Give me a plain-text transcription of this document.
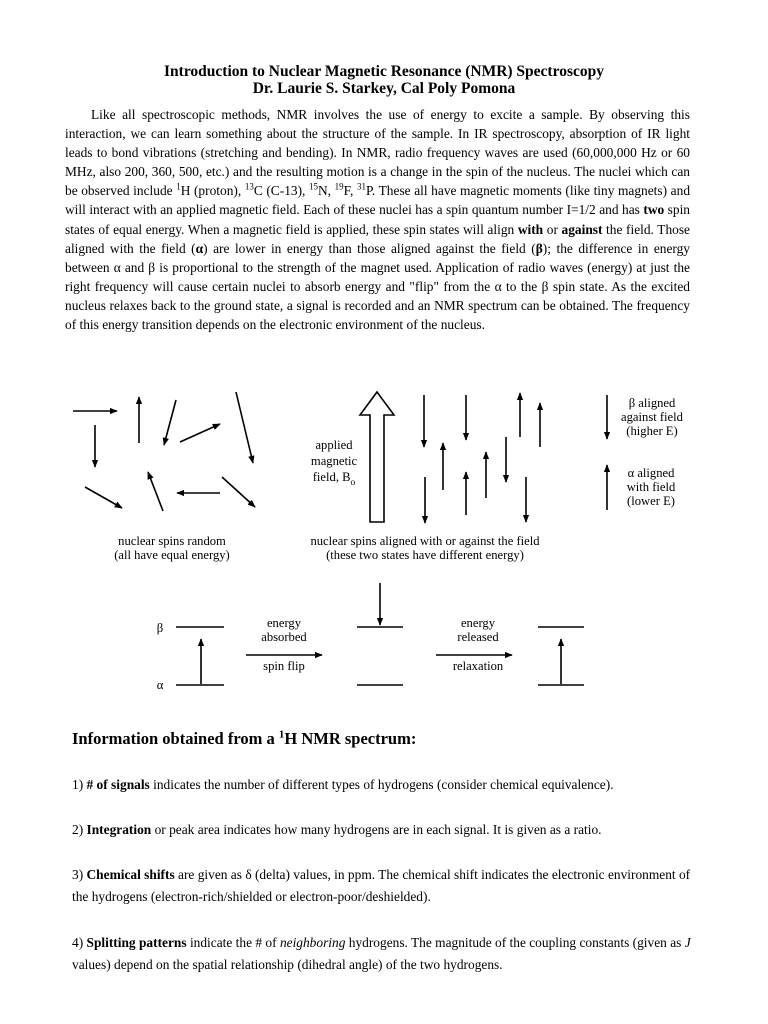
Introduction to Nuclear Magnetic Resonance (NMR) Spectroscopy
Dr. Laurie S. Starkey, Cal Poly Pomona

Like all spectroscopic methods, NMR involves the use of energy to excite a sample. By observing this interaction, we can learn something about the structure of the sample. In IR spectroscopy, absorption of IR light leads to bond vibrations (stretching and bending). In NMR, radio frequency waves are used (60,000,000 Hz or 60 MHz, also 200, 360, 500, etc.) and the resulting motion is a change in the spin of the nucleus. The nuclei which can be observed include $^1$H (proton), $^{13}$C (C-13), $^{15}$N, $^{19}$F, $^{31}$P. These all have magnetic moments (like tiny magnets) and will interact with an applied magnetic field. Each of these nuclei has a spin quantum number I=1/2 and has two spin states of equal energy. When a magnetic field is applied, these spin states will align with or against the field. Those aligned with the field (α) are lower in energy than those aligned against the field (β); the difference in energy between α and β is proportional to the strength of the magnet used. Application of radio waves (energy) at just the right frequency will cause certain nuclei to absorb energy and "flip" from the α to the β spin state. As the excited nucleus relaxes back to the ground state, a signal is recorded and an NMR spectrum can be obtained. The frequency of this energy transition depends on the electronic environment of the nucleus.

nuclear spins random
(all have equal energy)
applied
magnetic
field, $B_o$
nuclear spins aligned with or against the field
(these two states have different energy)
β aligned
against field
(higher E)
α aligned
with field
(lower E)
β
α
energy
absorbed
spin flip
energy
released
relaxation
Information obtained from a $^1$H NMR spectrum:
1) # of signals indicates the number of different types of hydrogens (consider chemical equivalence).
2) Integration or peak area indicates how many hydrogens are in each signal. It is given as a ratio.
3) Chemical shifts are given as δ (delta) values, in ppm. The chemical shift indicates the electronic environment of the hydrogens (electron-rich/shielded or electron-poor/deshielded).
4) Splitting patterns indicate the # of neighboring hydrogens. The magnitude of the coupling constants (given as J values) depend on the spatial relationship (dihedral angle) of the two hydrogens.
